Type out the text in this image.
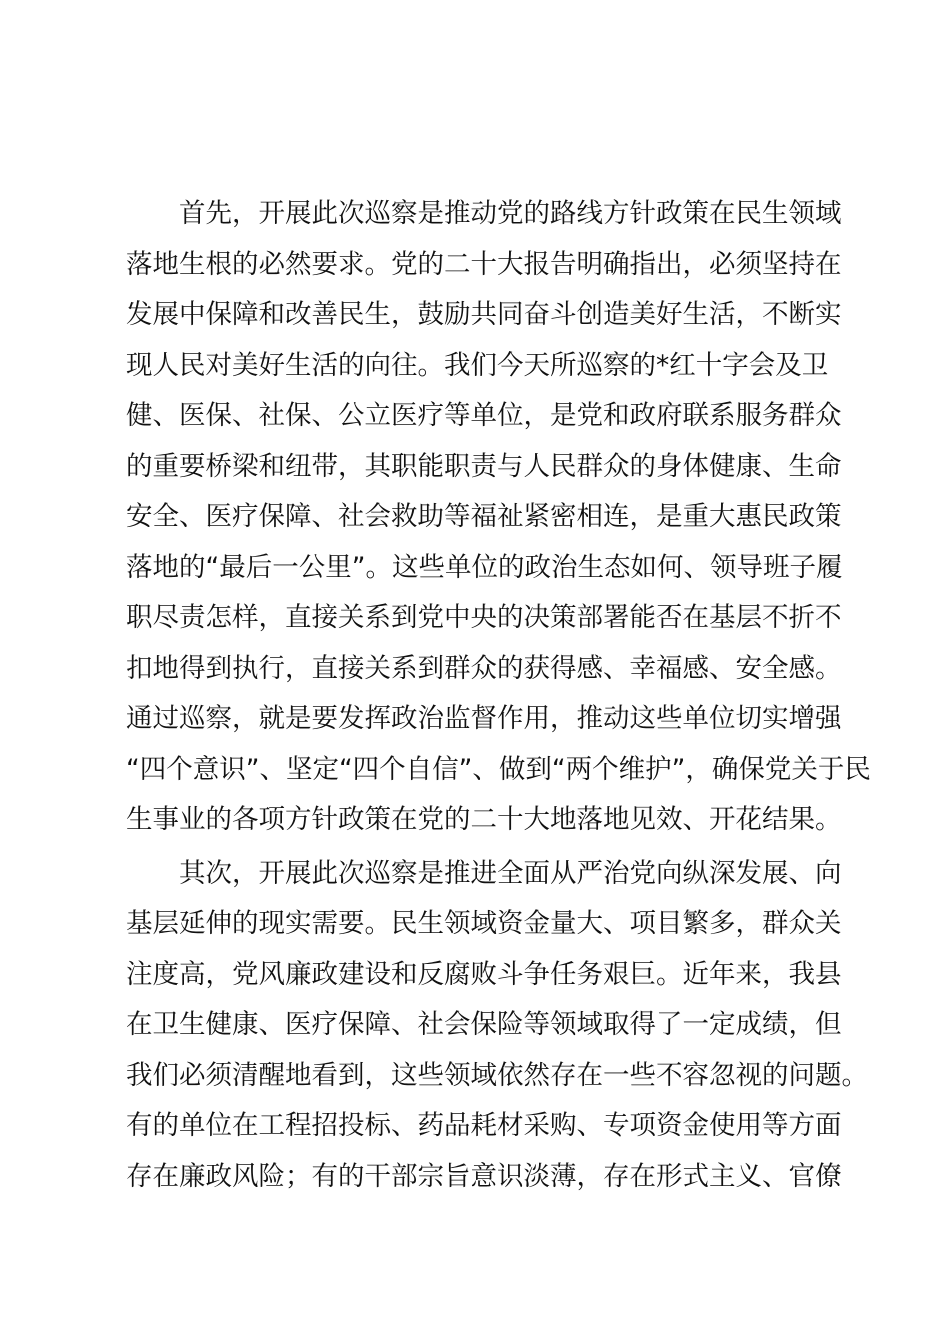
首先，开展此次巡察是推动党的路线方针政策在民生领域
落地生根的必然要求。党的二十大报告明确指出，必须坚持在
发展中保障和改善民生，鼓励共同奋斗创造美好生活，不断实
现人民对美好生活的向往。我们今天所巡察的*红十字会及卫
健、医保、社保、公立医疗等单位，是党和政府联系服务群众
的重要桥梁和纽带，其职能职责与人民群众的身体健康、生命
安全、医疗保障、社会救助等福祉紧密相连，是重大惠民政策
落地的“最后一公里”。这些单位的政治生态如何、领导班子履
职尽责怎样，直接关系到党中央的决策部署能否在基层不折不
扣地得到执行，直接关系到群众的获得感、幸福感、安全感。
通过巡察，就是要发挥政治监督作用，推动这些单位切实增强
“四个意识”、坚定“四个自信”、做到“两个维护”，确保党关于民
生事业的各项方针政策在党的二十大地落地见效、开花结果。
其次，开展此次巡察是推进全面从严治党向纵深发展、向
基层延伸的现实需要。民生领域资金量大、项目繁多，群众关
注度高，党风廉政建设和反腐败斗争任务艰巨。近年来，我县
在卫生健康、医疗保障、社会保险等领域取得了一定成绩，但
我们必须清醒地看到，这些领域依然存在一些不容忽视的问题。
有的单位在工程招投标、药品耗材采购、专项资金使用等方面
存在廉政风险；有的干部宗旨意识淡薄，存在形式主义、官僚
